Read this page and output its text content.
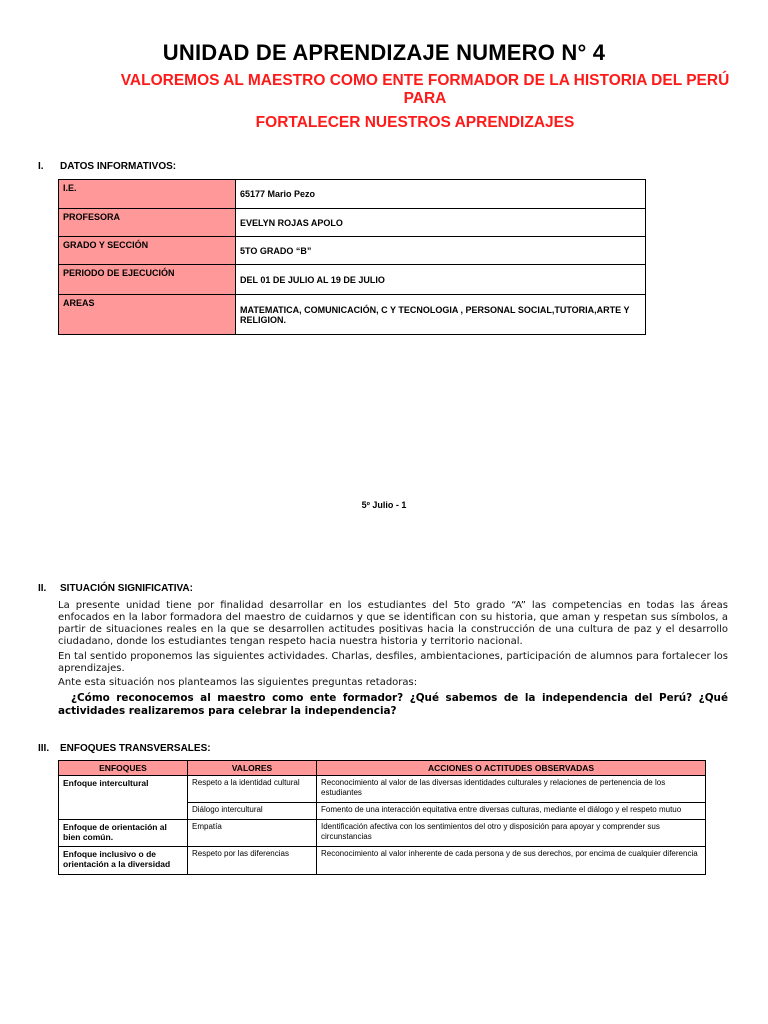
UNIDAD DE APRENDIZAJE NUMERO N° 4
VALOREMOS AL MAESTRO COMO ENTE FORMADOR DE LA HISTORIA DEL PERÚ PARA
FORTALECER NUESTROS APRENDIZAJES
I. DATOS INFORMATIVOS:
I.E.	65177 Mario Pezo
PROFESORA	EVELYN ROJAS APOLO
GRADO Y SECCIÓN	5TO GRADO “B”
PERIODO DE EJECUCIÓN	DEL 01 DE JULIO AL 19 DE JULIO
AREAS	MATEMATICA, COMUNICACIÓN, C Y TECNOLOGIA , PERSONAL SOCIAL,TUTORIA,ARTE Y RELIGION.
5º Julio - 1
II. SITUACIÓN SIGNIFICATIVA:
La presente unidad tiene por finalidad desarrollar en los estudiantes del 5to grado “A” las competencias en todas las áreas enfocados en la labor formadora del maestro de cuidarnos y que se identifican con su historia, que aman y respetan sus símbolos, a partir de situaciones reales en la que se desarrollen actitudes positivas hacia la construcción de una cultura de paz y el desarrollo ciudadano, donde los estudiantes tengan respeto hacia nuestra historia y territorio nacional.
En tal sentido proponemos las siguientes actividades. Charlas, desfiles, ambientaciones, participación de alumnos para fortalecer los aprendizajes.
Ante esta situación nos planteamos las siguientes preguntas retadoras:
¿Cómo reconocemos al maestro como ente formador? ¿Qué sabemos de la independencia del Perú? ¿Qué actividades realizaremos para celebrar la independencia?
III. ENFOQUES TRANSVERSALES:
ENFOQUES	VALORES	ACCIONES O ACTITUDES OBSERVADAS
Enfoque intercultural	Respeto a la identidad cultural	Reconocimiento al valor de las diversas identidades culturales y relaciones de pertenencia de los estudiantes
	Diálogo intercultural	Fomento de una interacción equitativa entre diversas culturas, mediante el diálogo y el respeto mutuo
Enfoque de orientación al bien común.	Empatía	Identificación afectiva con los sentimientos del otro y disposición para apoyar y comprender sus circunstancias
Enfoque inclusivo o de orientación a la diversidad	Respeto por las diferencias	Reconocimiento al valor inherente de cada persona y de sus derechos, por encima de cualquier diferencia
